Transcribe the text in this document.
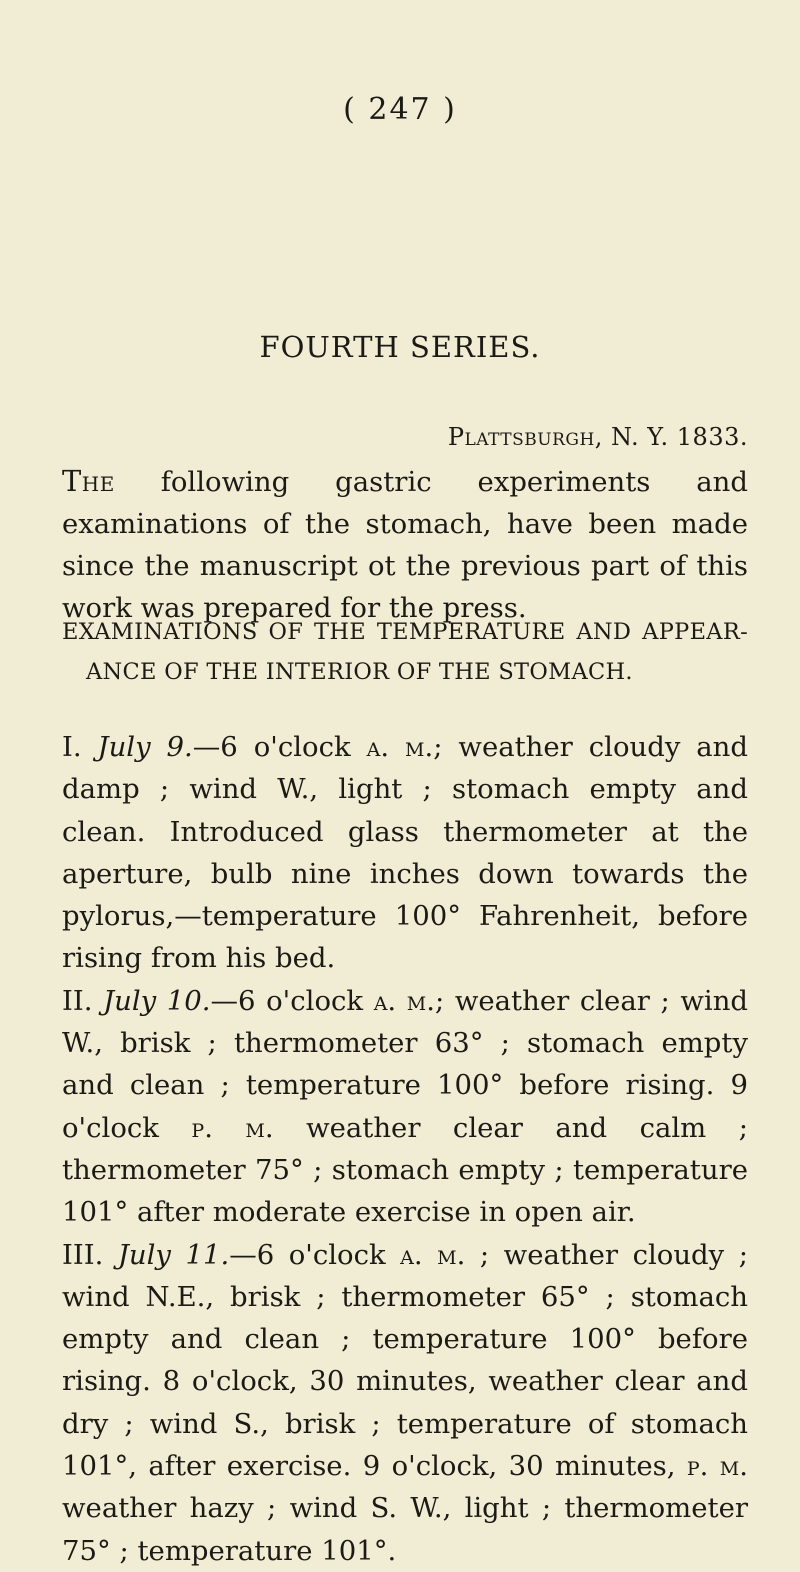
( 247 )
FOURTH SERIES.
Plattsburgh, N. Y. 1833.

The following gastric experiments and examinations of the stomach, have been made since the manuscript ot the previous part of this work was prepared for the press.

EXAMINATIONS OF THE TEMPERATURE AND APPEAR-
ANCE OF THE INTERIOR OF THE STOMACH.

I. July 9.—6 o'clock a. m.; weather cloudy and damp ; wind W., light ; stomach empty and clean. Introduced glass thermometer at the aperture, bulb nine inches down towards the pylorus,—temperature 100° Fahrenheit, before rising from his bed.

II. July 10.—6 o'clock a. m.; weather clear ; wind W., brisk ; thermometer 63° ; stomach empty and clean ; temperature 100° before rising. 9 o'clock p. m. weather clear and calm ; thermometer 75° ; stomach empty ; temperature 101° after moderate exercise in open air.

III. July 11.—6 o'clock a. m. ; weather cloudy ; wind N.E., brisk ; thermometer 65° ; stomach empty and clean ; temperature 100° before rising. 8 o'clock, 30 minutes, weather clear and dry ; wind S., brisk ; temperature of stomach 101°, after exercise. 9 o'clock, 30 minutes, p. m. weather hazy ; wind S. W., light ; thermometer 75° ; temperature 101°.
